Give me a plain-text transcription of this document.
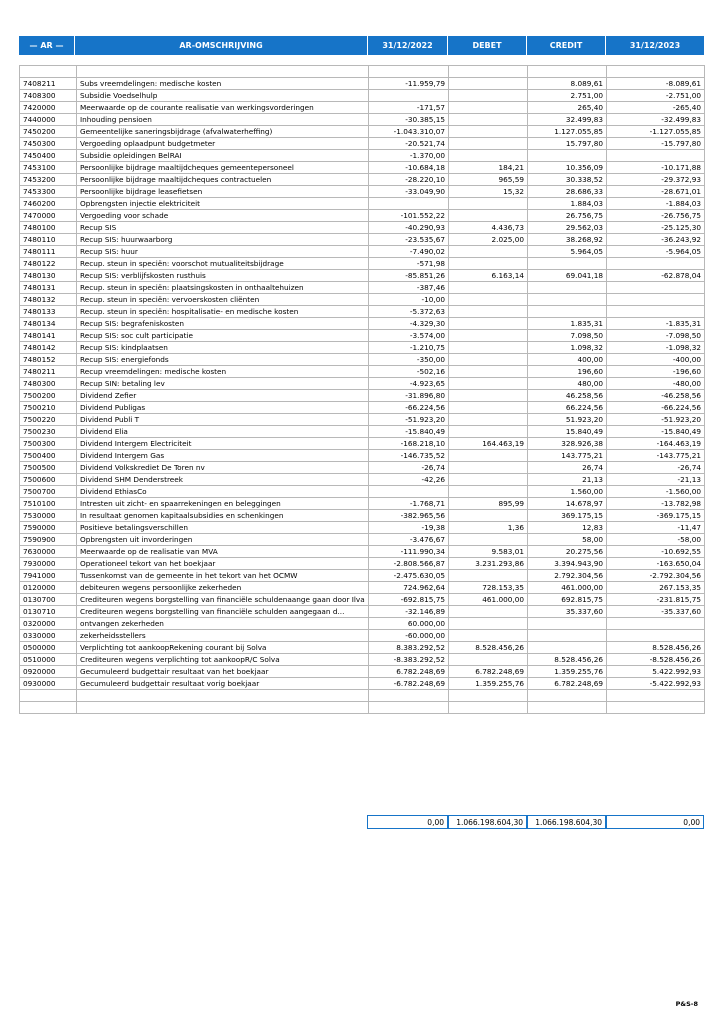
— AR —	AR-OMSCHRIJVING	31/12/2022	DEBET	CREDIT	31/12/2023

7408211	Subs vreemdelingen: medische kosten	-11.959,79		8.089,61	-8.089,61
7408300	Subsidie Voedselhulp			2.751,00	-2.751,00
7420000	Meerwaarde op de courante realisatie van werkingsvorderingen	-171,57		265,40	-265,40
7440000	Inhouding pensioen	-30.385,15		32.499,83	-32.499,83
7450200	Gemeentelijke saneringsbijdrage (afvalwaterheffing)	-1.043.310,07		1.127.055,85	-1.127.055,85
7450300	Vergoeding oplaadpunt budgetmeter	-20.521,74		15.797,80	-15.797,80
7450400	Subsidie opleidingen BelRAI	-1.370,00			
7453100	Persoonlijke bijdrage maaltijdcheques gemeentepersoneel	-10.684,18	184,21	10.356,09	-10.171,88
7453200	Persoonlijke bijdrage maaltijdcheques contractuelen	-28.220,10	965,59	30.338,52	-29.372,93
7453300	Persoonlijke bijdrage leasefietsen	-33.049,90	15,32	28.686,33	-28.671,01
7460200	Opbrengsten injectie elektriciteit			1.884,03	-1.884,03
7470000	Vergoeding voor schade	-101.552,22		26.756,75	-26.756,75
7480100	Recup SIS	-40.290,93	4.436,73	29.562,03	-25.125,30
7480110	Recup SIS: huurwaarborg	-23.535,67	2.025,00	38.268,92	-36.243,92
7480111	Recup SIS: huur	-7.490,02		5.964,05	-5.964,05
7480122	Recup. steun in speciën: voorschot mutualiteitsbijdrage	-571,98			
7480130	Recup SIS: verblijfskosten rusthuis	-85.851,26	6.163,14	69.041,18	-62.878,04
7480131	Recup. steun in speciën: plaatsingskosten in onthaaltehuizen	-387,46			
7480132	Recup. steun in speciën: vervoerskosten cliënten	-10,00			
7480133	Recup. steun in speciën: hospitalisatie- en medische kosten	-5.372,63			
7480134	Recup SIS: begrafeniskosten	-4.329,30		1.835,31	-1.835,31
7480141	Recup SIS: soc cult participatie	-3.574,00		7.098,50	-7.098,50
7480142	Recup SIS: kindplaatsen	-1.210,75		1.098,32	-1.098,32
7480152	Recup SIS: energiefonds	-350,00		400,00	-400,00
7480211	Recup vreemdelingen: medische kosten	-502,16		196,60	-196,60
7480300	Recup SIN: betaling lev	-4.923,65		480,00	-480,00
7500200	Dividend Zefier	-31.896,80		46.258,56	-46.258,56
7500210	Dividend Publigas	-66.224,56		66.224,56	-66.224,56
7500220	Dividend Publi T	-51.923,20		51.923,20	-51.923,20
7500230	Dividend Elia	-15.840,49		15.840,49	-15.840,49
7500300	Dividend Intergem Electriciteit	-168.218,10	164.463,19	328.926,38	-164.463,19
7500400	Dividend Intergem Gas	-146.735,52		143.775,21	-143.775,21
7500500	Dividend Volkskrediet De Toren nv	-26,74		26,74	-26,74
7500600	Dividend SHM Denderstreek	-42,26		21,13	-21,13
7500700	Dividend EthiasCo			1.560,00	-1.560,00
7510100	Intresten uit zicht- en spaarrekeningen en beleggingen	-1.768,71	895,99	14.678,97	-13.782,98
7530000	In resultaat genomen kapitaalsubsidies en schenkingen	-382.965,56		369.175,15	-369.175,15
7590000	Positieve betalingsverschillen	-19,38	1,36	12,83	-11,47
7590900	Opbrengsten uit invorderingen	-3.476,67		58,00	-58,00
7630000	Meerwaarde op de realisatie van MVA	-111.990,34	9.583,01	20.275,56	-10.692,55
7930000	Operationeel tekort van het boekjaar	-2.808.566,87	3.231.293,86	3.394.943,90	-163.650,04
7941000	Tussenkomst van de gemeente in het tekort van het OCMW	-2.475.630,05		2.792.304,56	-2.792.304,56
0120000	debiteuren wegens persoonlijke zekerheden	724.962,64	728.153,35	461.000,00	267.153,35
0130700	Crediteuren wegens borgstelling van financiële schuldenaange gaan door Ilva	-692.815,75	461.000,00	692.815,75	-231.815,75
0130710	Crediteuren wegens borgstelling van financiële schulden aangegaan d...	-32.146,89		35.337,60	-35.337,60
0320000	ontvangen zekerheden	60.000,00			
0330000	zekerheidsstellers	-60.000,00			
0500000	Verplichting tot aankoopRekening courant bij Solva	8.383.292,52	8.528.456,26		8.528.456,26
0510000	Crediteuren wegens verplichting tot aankoopR/C Solva	-8.383.292,52		8.528.456,26	-8.528.456,26
0920000	Gecumuleerd budgettair resultaat van het boekjaar	6.782.248,69	6.782.248,69	1.359.255,76	5.422.992,93
0930000	Gecumuleerd budgettair resultaat vorig boekjaar	-6.782.248,69	1.359.255,76	6.782.248,69	-5.422.992,93

0,00	1.066.198.604,30	1.066.198.604,30	0,00
P&S-8
